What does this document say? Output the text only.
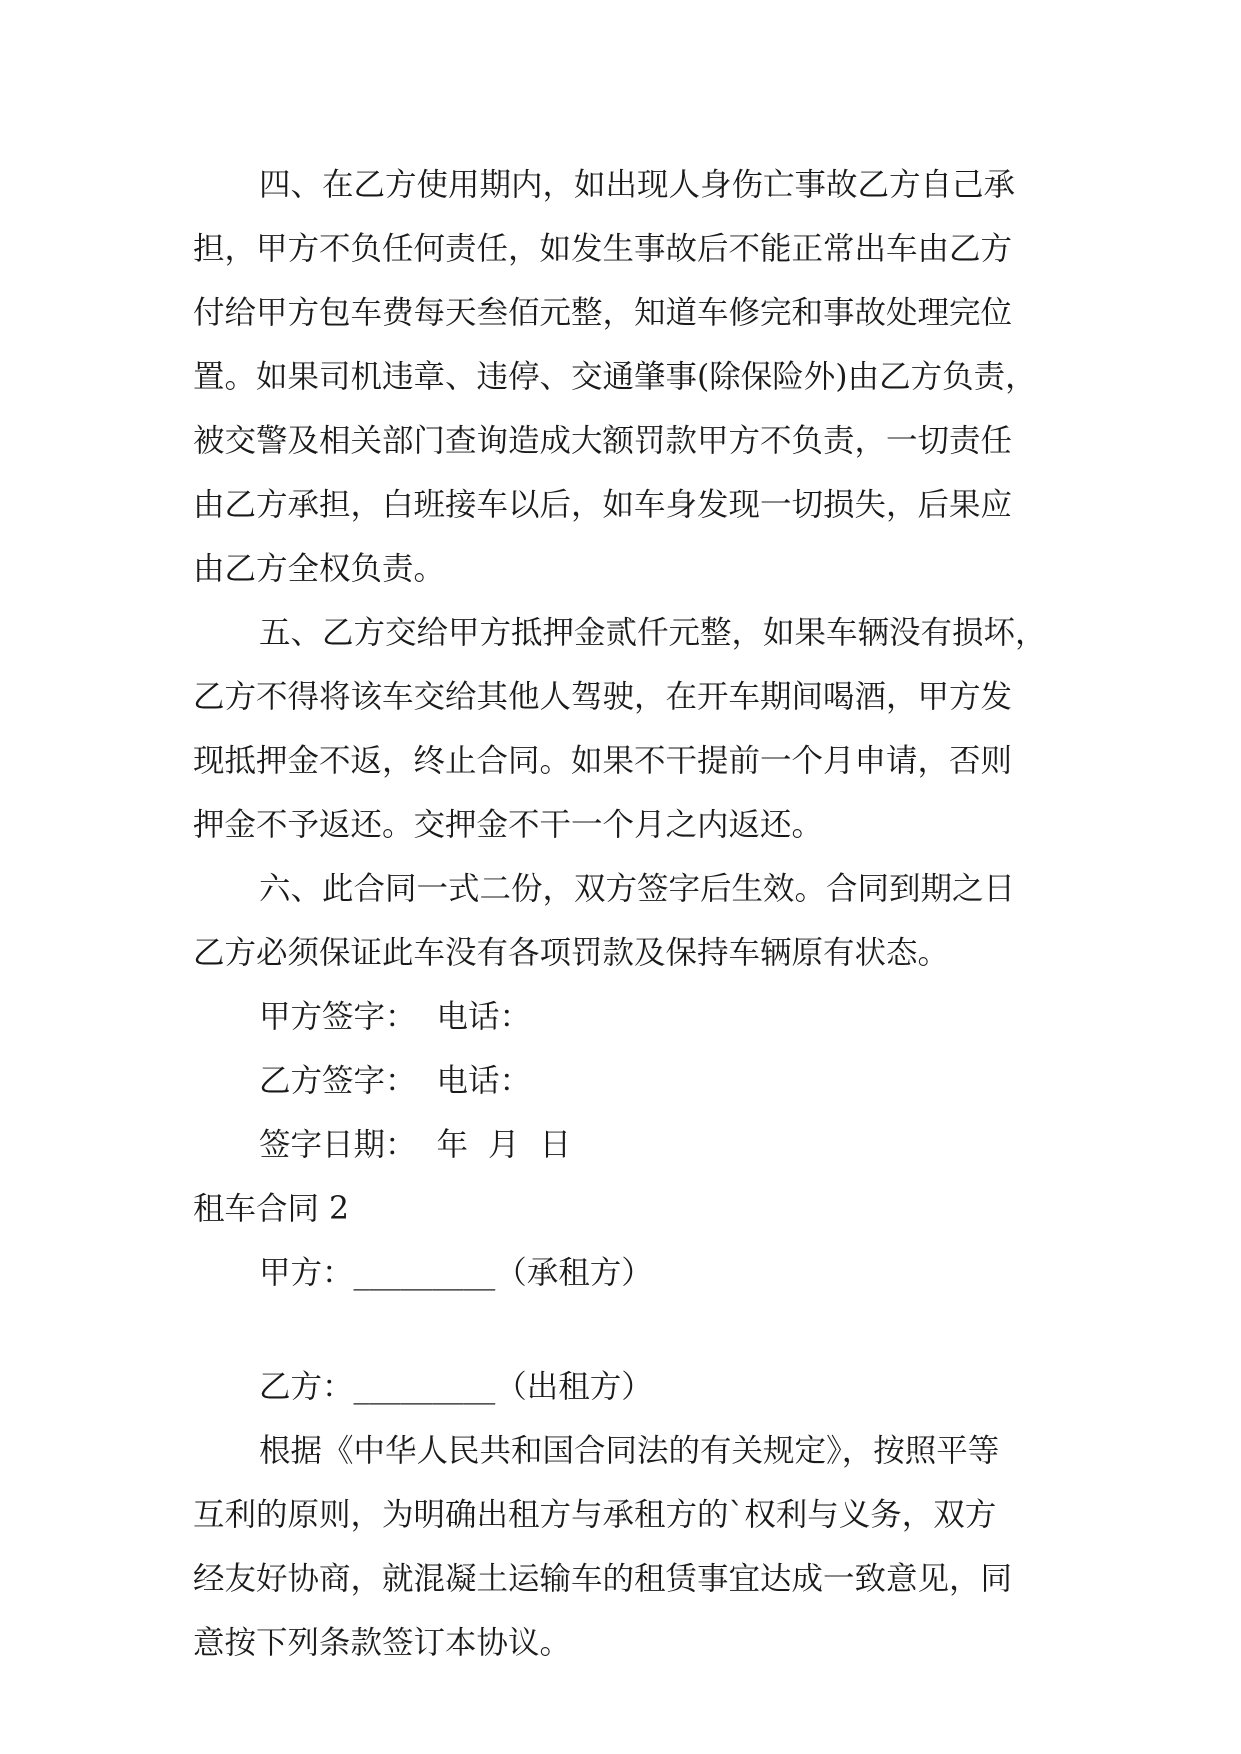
四、在乙方使用期内，如出现人身伤亡事故乙方自己承
担，甲方不负任何责任，如发生事故后不能正常出车由乙方
付给甲方包车费每天叁佰元整，知道车修完和事故处理完位
置。如果司机违章、违停、交通肇事(除保险外)由乙方负责，
被交警及相关部门查询造成大额罚款甲方不负责，一切责任
由乙方承担，白班接车以后，如车身发现一切损失，后果应
由乙方全权负责。
五、乙方交给甲方抵押金贰仟元整，如果车辆没有损坏，
乙方不得将该车交给其他人驾驶，在开车期间喝酒，甲方发
现抵押金不返，终止合同。如果不干提前一个月申请，否则
押金不予返还。交押金不干一个月之内返还。
六、此合同一式二份，双方签字后生效。合同到期之日
乙方必须保证此车没有各项罚款及保持车辆原有状态。
甲方签字：  电话：
乙方签字：  电话：
签字日期：  年  月  日
租车合同 2
甲方：_________（承租方）
乙方：_________（出租方）
根据《中华人民共和国合同法的有关规定》，按照平等
互利的原则，为明确出租方与承租方的`权利与义务，双方
经友好协商，就混凝土运输车的租赁事宜达成一致意见，同
意按下列条款签订本协议。
